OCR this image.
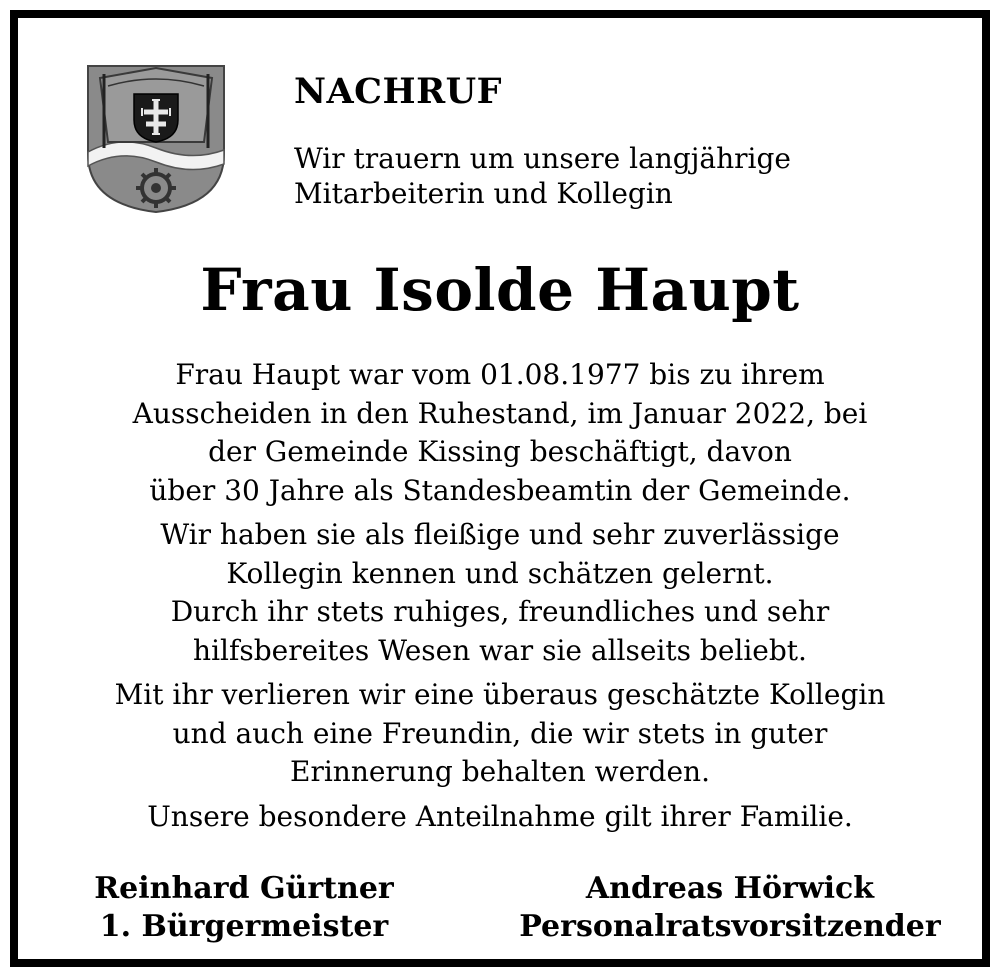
NACHRUF
Wir trauern um unsere langjährige
Mitarbeiterin und Kollegin
Frau Isolde Haupt

Frau Haupt war vom 01.08.1977 bis zu ihrem
Ausscheiden in den Ruhestand, im Januar 2022, bei
der Gemeinde Kissing beschäftigt, davon
über 30 Jahre als Standesbeamtin der Gemeinde.

Wir haben sie als fleißige und sehr zuverlässige
Kollegin kennen und schätzen gelernt.
Durch ihr stets ruhiges, freundliches und sehr
hilfsbereites Wesen war sie allseits beliebt.

Mit ihr verlieren wir eine überaus geschätzte Kollegin
und auch eine Freundin, die wir stets in guter
Erinnerung behalten werden.

Unsere besondere Anteilnahme gilt ihrer Familie.

Reinhard Gürtner
1. Bürgermeister
Andreas Hörwick
Personalratsvorsitzender
